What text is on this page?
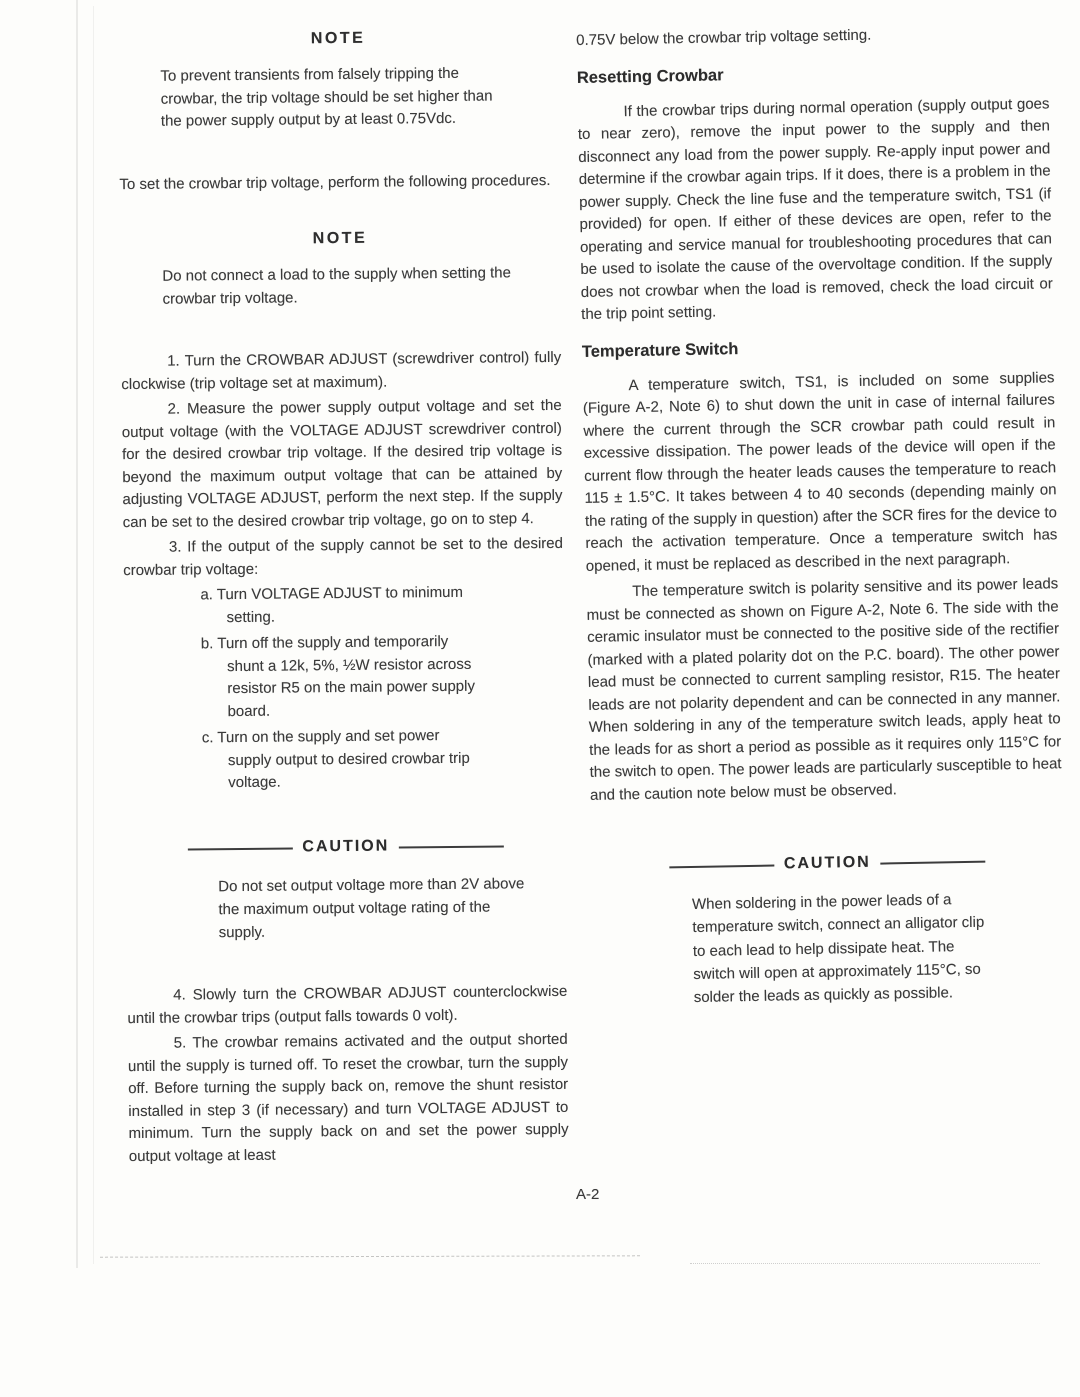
NOTE

To prevent transients from falsely tripping the crowbar, the trip voltage should be set higher than the power supply output by at least 0.75Vdc.

To set the crowbar trip voltage, perform the following procedures.

NOTE

Do not connect a load to the supply when setting the crowbar trip voltage.

1. Turn the CROWBAR ADJUST (screwdriver control) fully clockwise (trip voltage set at maximum).

2. Measure the power supply output voltage and set the output voltage (with the VOLTAGE ADJUST screwdriver control) for the desired crowbar trip voltage. If the desired trip voltage is beyond the maximum output voltage that can be attained by adjusting VOLTAGE ADJUST, perform the next step. If the supply can be set to the desired crowbar trip voltage, go on to step 4.

3. If the output of the supply cannot be set to the desired crowbar trip voltage:

a. Turn VOLTAGE ADJUST to minimum setting.

b. Turn off the supply and temporarily shunt a 12k, 5%, ½W resistor across resistor R5 on the main power supply board.

c. Turn on the supply and set power supply output to desired crowbar trip voltage.

CAUTION

Do not set output voltage more than 2V above the maximum output voltage rating of the supply.

4. Slowly turn the CROWBAR ADJUST counterclockwise until the crowbar trips (output falls towards 0 volt).

5. The crowbar remains activated and the output shorted until the supply is turned off. To reset the crowbar, turn the supply off. Before turning the supply back on, remove the shunt resistor installed in step 3 (if necessary) and turn VOLTAGE ADJUST to minimum. Turn the supply back on and set the power supply output voltage at least

0.75V below the crowbar trip voltage setting.

Resetting Crowbar

If the crowbar trips during normal operation (supply output goes to near zero), remove the input power to the supply and then disconnect any load from the power supply. Re-apply input power and determine if the crowbar again trips. If it does, there is a problem in the power supply. Check the line fuse and the temperature switch, TS1 (if provided) for open. If either of these devices are open, refer to the operating and service manual for troubleshooting procedures that can be used to isolate the cause of the overvoltage condition. If the supply does not crowbar when the load is removed, check the load circuit or the trip point setting.

Temperature Switch

A temperature switch, TS1, is included on some supplies (Figure A-2, Note 6) to shut down the unit in case of internal failures where the current through the SCR crowbar path could result in excessive dissipation. The power leads of the device will open if the current flow through the heater leads causes the temperature to reach 115 ± 1.5°C. It takes between 4 to 40 seconds (depending mainly on the rating of the supply in question) after the SCR fires for the device to reach the activation temperature. Once a temperature switch has opened, it must be replaced as described in the next paragraph.

The temperature switch is polarity sensitive and its power leads must be connected as shown on Figure A-2, Note 6. The side with the ceramic insulator must be connected to the positive side of the rectifier (marked with a plated polarity dot on the P.C. board). The other power lead must be connected to current sampling resistor, R15. The heater leads are not polarity dependent and can be connected in any manner. When soldering in any of the temperature switch leads, apply heat to the leads for as short a period as possible as it requires only 115°C for the switch to open. The power leads are particularly susceptible to heat and the caution note below must be observed.

CAUTION

When soldering in the power leads of a temperature switch, connect an alligator clip to each lead to help dissipate heat. The switch will open at approximately 115°C, so solder the leads as quickly as possible.

A-2
